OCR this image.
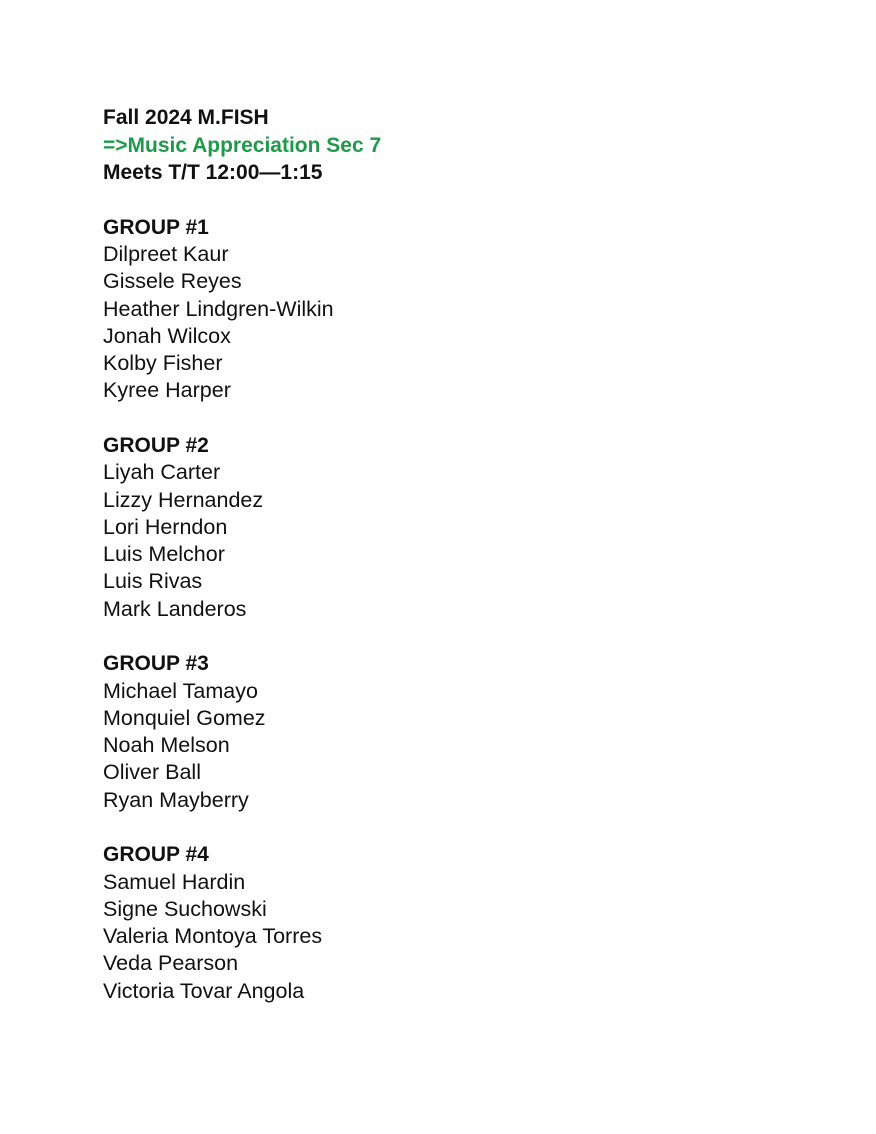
Fall 2024 M.FISH

=>Music Appreciation Sec 7

Meets T/T 12:00—1:15

GROUP #1

Dilpreet Kaur
Gissele Reyes
Heather Lindgren-Wilkin
Jonah Wilcox
Kolby Fisher
Kyree Harper

GROUP #2

Liyah Carter
Lizzy Hernandez
Lori Herndon
Luis Melchor
Luis Rivas
Mark Landeros

GROUP #3

Michael Tamayo
Monquiel Gomez
Noah Melson
Oliver Ball
Ryan Mayberry

GROUP #4

Samuel Hardin
Signe Suchowski
Valeria Montoya Torres
Veda Pearson
Victoria Tovar Angola
